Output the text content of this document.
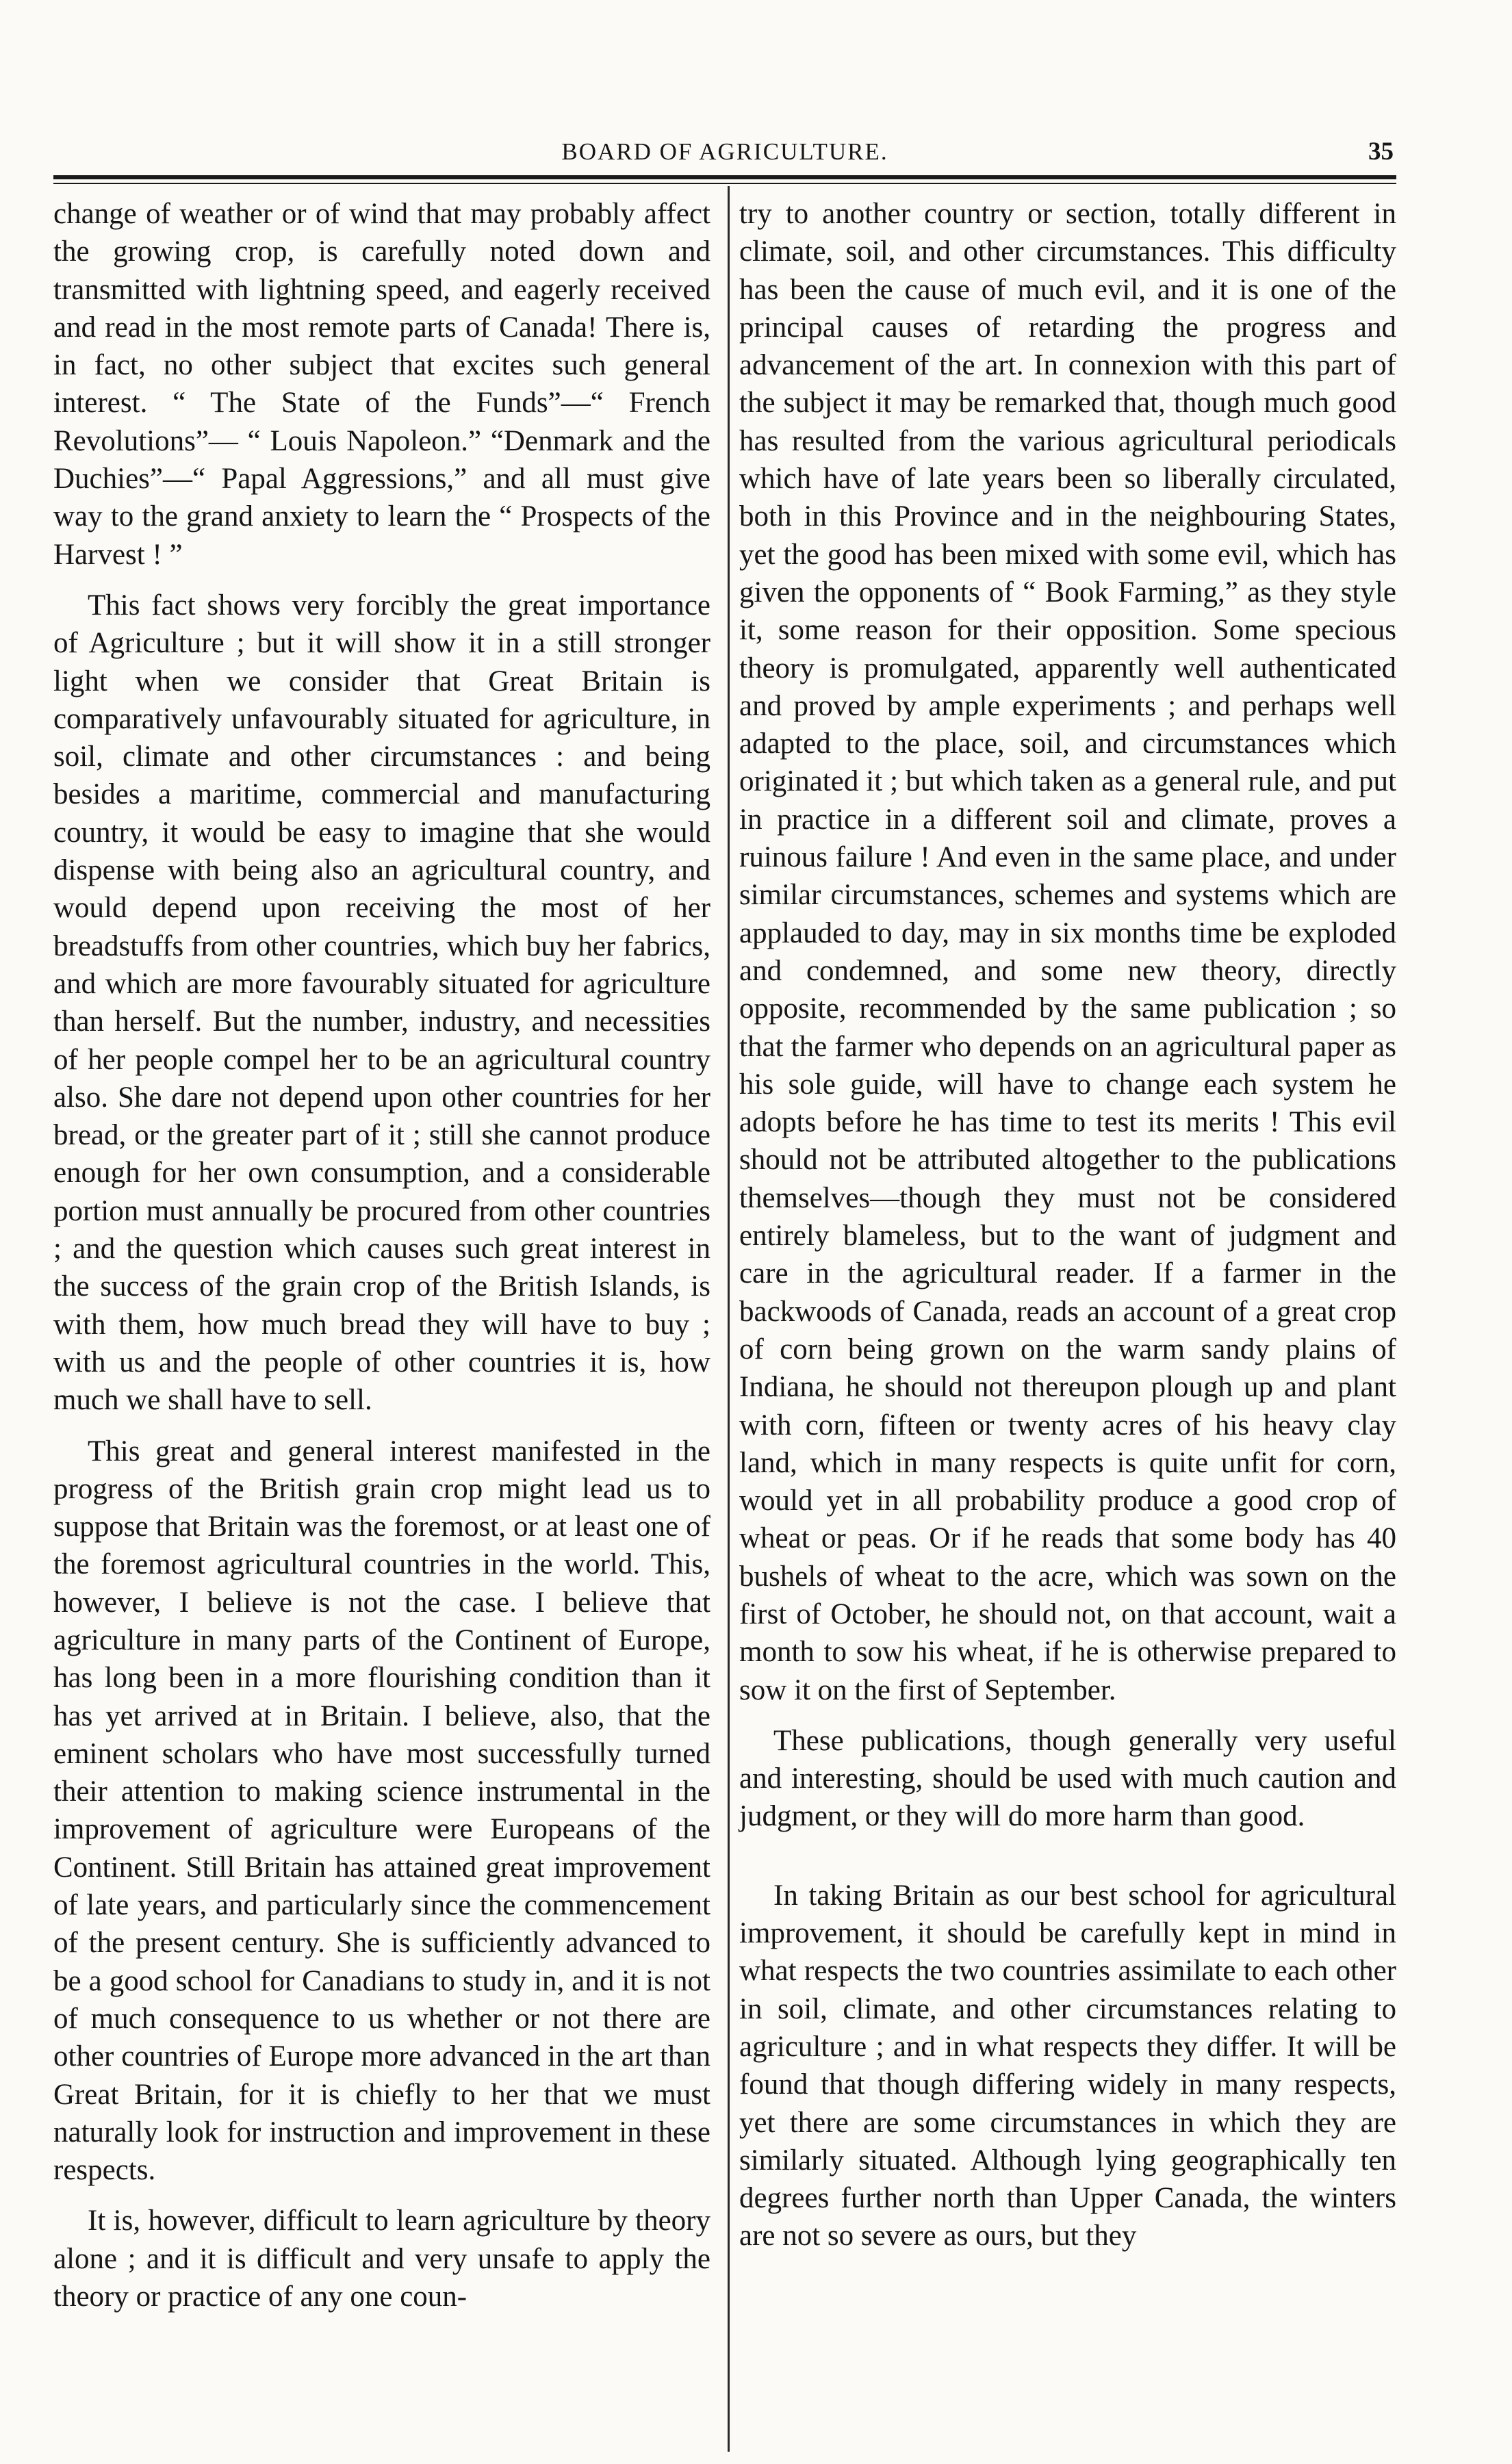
BOARD OF AGRICULTURE.	35

change of weather or of wind that may probably affect the growing crop, is carefully noted down and transmitted with lightning speed, and eagerly received and read in the most remote parts of Canada! There is, in fact, no other subject that excites such general interest. “ The State of the Funds”—“ French Revolutions”— “ Louis Napoleon.” “Denmark and the Duchies”—“ Papal Aggressions,” and all must give way to the grand anxiety to learn the “ Prospects of the Harvest ! ”

This fact shows very forcibly the great importance of Agriculture ; but it will show it in a still stronger light when we consider that Great Britain is comparatively unfavourably situated for agriculture, in soil, climate and other circumstances : and being besides a maritime, commercial and manufacturing country, it would be easy to imagine that she would dispense with being also an agricultural country, and would depend upon receiving the most of her breadstuffs from other countries, which buy her fabrics, and which are more favourably situated for agriculture than herself. But the number, industry, and necessities of her people compel her to be an agricultural country also. She dare not depend upon other countries for her bread, or the greater part of it ; still she cannot produce enough for her own consumption, and a considerable portion must annually be procured from other countries ; and the question which causes such great interest in the success of the grain crop of the British Islands, is with them, how much bread they will have to buy ; with us and the people of other countries it is, how much we shall have to sell.

This great and general interest manifested in the progress of the British grain crop might lead us to suppose that Britain was the foremost, or at least one of the foremost agricultural countries in the world. This, however, I believe is not the case. I believe that agriculture in many parts of the Continent of Europe, has long been in a more flourishing condition than it has yet arrived at in Britain. I believe, also, that the eminent scholars who have most successfully turned their attention to making science instrumental in the improvement of agriculture were Europeans of the Continent. Still Britain has attained great improvement of late years, and particularly since the commencement of the present century. She is sufficiently advanced to be a good school for Canadians to study in, and it is not of much consequence to us whether or not there are other countries of Europe more advanced in the art than Great Britain, for it is chiefly to her that we must naturally look for instruction and improvement in these respects.

It is, however, difficult to learn agriculture by theory alone ; and it is difficult and very unsafe to apply the theory or practice of any one coun-

try to another country or section, totally different in climate, soil, and other circumstances. This difficulty has been the cause of much evil, and it is one of the principal causes of retarding the progress and advancement of the art. In connexion with this part of the subject it may be remarked that, though much good has resulted from the various agricultural periodicals which have of late years been so liberally circulated, both in this Province and in the neighbouring States, yet the good has been mixed with some evil, which has given the opponents of “ Book Farming,” as they style it, some reason for their opposition. Some specious theory is promulgated, apparently well authenticated and proved by ample experiments ; and perhaps well adapted to the place, soil, and circumstances which originated it ; but which taken as a general rule, and put in practice in a different soil and climate, proves a ruinous failure ! And even in the same place, and under similar circumstances, schemes and systems which are applauded to day, may in six months time be exploded and condemned, and some new theory, directly opposite, recommended by the same publication ; so that the farmer who depends on an agricultural paper as his sole guide, will have to change each system he adopts before he has time to test its merits ! This evil should not be attributed altogether to the publications themselves—though they must not be considered entirely blameless, but to the want of judgment and care in the agricultural reader. If a farmer in the backwoods of Canada, reads an account of a great crop of corn being grown on the warm sandy plains of Indiana, he should not thereupon plough up and plant with corn, fifteen or twenty acres of his heavy clay land, which in many respects is quite unfit for corn, would yet in all probability produce a good crop of wheat or peas. Or if he reads that some body has 40 bushels of wheat to the acre, which was sown on the first of October, he should not, on that account, wait a month to sow his wheat, if he is otherwise prepared to sow it on the first of September.

These publications, though generally very useful and interesting, should be used with much caution and judgment, or they will do more harm than good.

In taking Britain as our best school for agricultural improvement, it should be carefully kept in mind in what respects the two countries assimilate to each other in soil, climate, and other circumstances relating to agriculture ; and in what respects they differ. It will be found that though differing widely in many respects, yet there are some circumstances in which they are similarly situated. Although lying geographically ten degrees further north than Upper Canada, the winters are not so severe as ours, but they
